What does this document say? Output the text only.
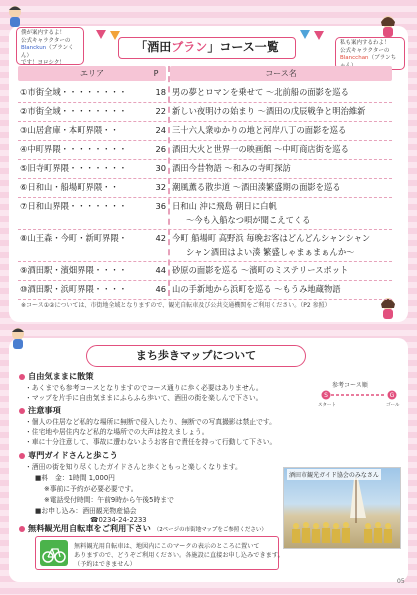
僕が案内するよ！
公式キャラクターの
Blanckun（ブランくん）
です！ヨロシク！
私も案内するわよ！
公式キャラクターの
Blancchan（ブランち
「酒田ブラン」コース一覧
エリア	P	コース名
①市街全域・・・・・・・・	18 男の夢とロマンを乗せて ～北前船の面影を巡る
②市街全域・・・・・・・・	22 新しい夜明けの始まり ～酒田の戊辰戦争と明治維新
③山居倉庫・本町界隈・・	24 三十六人衆ゆかりの地と河岸八丁の面影を巡る
④中町界隈・・・・・・・・	26 酒田大火と世界一の映画館 ～中町商店街を巡る
⑤旧寺町界隈・・・・・・・	30 酒田今昔物語 ～和みの寺町探訪
⑥日和山・船場町界隈・・	32 潮風薫る散歩道 ～酒田湊繁盛期の面影を巡る
⑦日和山界隈・・・・・・・	36 日和山 沖に飛島 朝日に白帆
～今も入船なつ唄が聞こえてくる
⑧山王森・今町・新町界隈・	42 今町 船場町 高野浜 毎晩お客はどんどんシャンシャン
シャン酒田はよい湊 繁盛しゃまぁまぁんか～
⑨酒田駅・濱畑界隈・・・・	44 砂原の面影を巡る ～濱町のミステリースポット
⑩酒田駅・浜町界隈・・・・	46 山の手新地から浜町を巡る ～もうみ地蔵物語
※コース①②については、市街地全域となりますので、観光自転車及び公共交通機関をご利用ください。（P2 参照）
まち歩きマップについて
自由気ままに散策
・あくまでも参考コースとなりますのでコース通りに歩く必要はありません。
・マップを片手に自由気ままにふらふら歩いて、酒田の街を楽しんで下さい。
参考コース順
S	G
スタート	ゴール
注意事項
・個人の住居など私的な場所に無断で侵入したり、無断での写真撮影は禁止です。
・住宅地や居住内など私的な場所での大声は控えましょう。
・車に十分注意して、事故に遭わないようお客自で責任を持って行動して下さい。
専門ガイドさんと歩こう
・酒田の街を知り尽くしたガイドさんと歩くともっと楽しくなります。
■料　金：1時間 1,000円
※事前に予約が必要必要です。
※電話受付時間：午前9時から午後5時まで
■お申し込み：酒田観光物産協会
☎0234-24-2233
酒田市観光ガイド協会のみなさん
無料観光用自転車をご利用下さい （2ページの市街地マップをご参照ください）
無料観光用自転車は、地図内にこのマークの表示のところに置いて
ありますので、どうぞご利用ください。各施設に直接お申し込みできます。
（予約はできません）
05
